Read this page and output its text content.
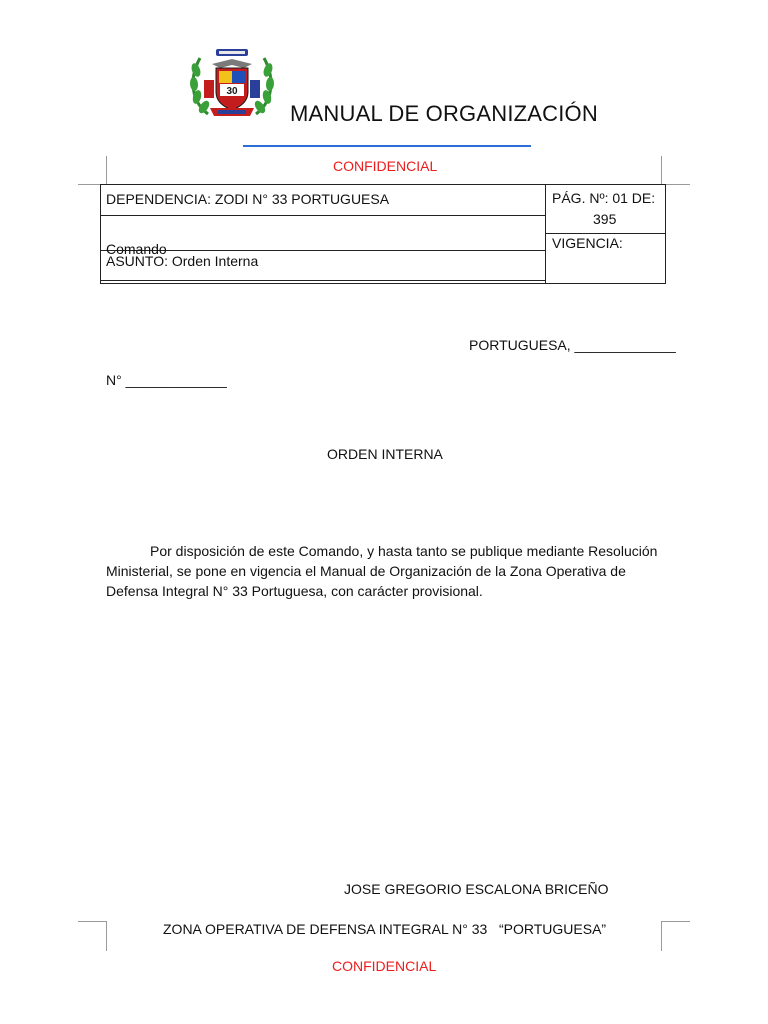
30
MANUAL DE ORGANIZACIÓN
CONFIDENCIAL
DEPENDENCIA: ZODI N° 33 PORTUGUESA	PÁG. Nº: 01 DE:
395
VIGENCIA:
Comando
ASUNTO: Orden Interna
PORTUGUESA, _____________
N° _____________
ORDEN INTERNA
Por disposición de este Comando, y hasta tanto se publique mediante Resolución Ministerial, se pone en vigencia el Manual de Organización de la Zona Operativa de Defensa Integral N° 33 Portuguesa, con carácter provisional.
JOSE GREGORIO ESCALONA BRICEÑO
ZONA OPERATIVA DE DEFENSA INTEGRAL N° 33   “PORTUGUESA”
CONFIDENCIAL
